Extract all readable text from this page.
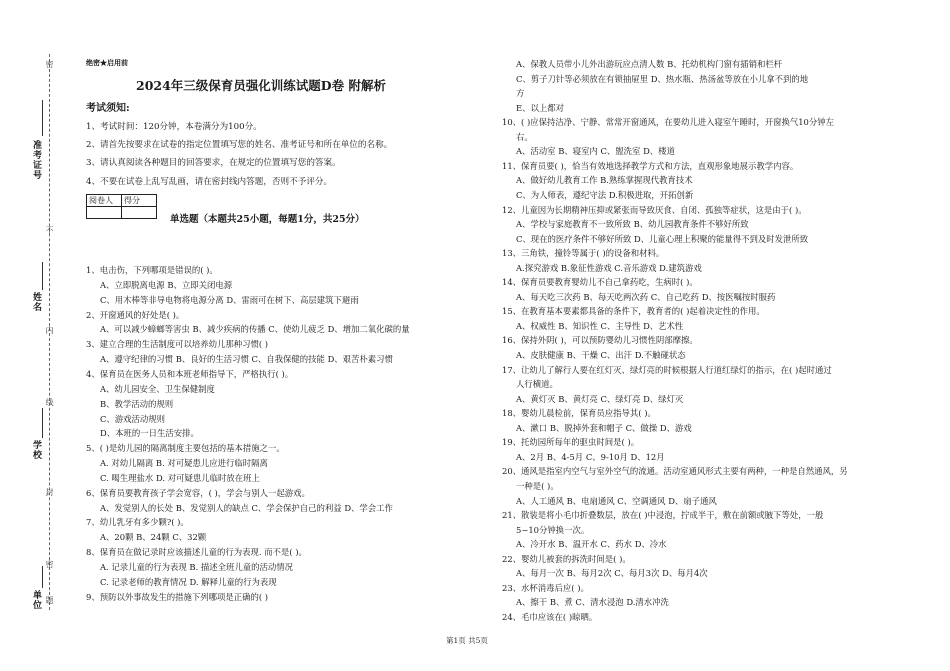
密
不
内
线
封
密
题
准考证号
姓名
学校
单位
绝密★启用前
2024年三级保育员强化训练试题D卷 附解析
考试须知:
1、考试时间：120分钟，本卷满分为100分。
2、请首先按要求在试卷的指定位置填写您的姓名、准考证号和所在单位的名称。
3、请认真阅读各种题目的回答要求，在规定的位置填写您的答案。
4、不要在试卷上乱写乱画，请在密封线内答题，否则不予评分。
阅卷人	得分

单选题（本题共25小题，每题1分，共25分）
1、电击伤，下列哪项是错误的( )。
A、立即脱离电源 B、立即关闭电源
C、用木棒等非导电物将电源分离 D、雷雨可在树下、高层建筑下避雨
2、开窗通风的好处是( )。
A、可以减少蟑螂等害虫 B、减少疾病的传播 C、使幼儿疲乏 D、增加二氧化碳的量
3、建立合理的生活制度可以培养幼儿那种习惯( )
A、遵守纪律的习惯 B、良好的生活习惯 C、自我保健的技能 D、艰苦朴素习惯
4、保育员在医务人员和本班老师指导下，严格执行( )。
A、幼儿园安全、卫生保健制度
B、教学活动的规则
C、游戏活动规则
D、本班的一日生活安排。
5、( )是幼儿园的隔离制度主要包括的基本措施之一。
A. 对幼儿隔离 B. 对可疑患儿应进行临时隔离
C. 喝生理盐水 D. 对可疑患儿临时放在班上
6、保育员要教育孩子学会宽容，( )，学会与别人一起游戏。
A、发觉别人的长处 B、发觉别人的缺点 C、学会保护自己的利益 D、学会工作
7、幼儿乳牙有多少颗?( )。
A、20颗 B、24颗 C、32颗
8、保育员在做记录时应该描述儿童的行为表现. 而不是( )。
A. 记录儿童的行为表现 B. 描述全班儿童的活动情况
C. 记录老师的教育情况 D. 解释儿童的行为表现
9、预防以外事故发生的措施下列哪项是正确的( )
A、保教人员带小儿外出游玩应点清人数 B、托幼机构门窗有插销和栏杆
C、剪子刀针等必须放在有锁抽屉里 D、热水瓶、热汤盆等放在小儿拿不到的地
方
E、以上都对
10、( )应保持洁净、宁静、常常开窗通风，在要幼儿进入寝室午睡时，开窗换气10分钟左
右。
A、活动室 B、寝室内 C、盥洗室 D、楼道
11、保育员要( )，恰当有效地选择教学方式和方法，直观形象地展示教学内容。
A、做好幼儿教育工作 B.熟练掌握现代教育技术
C、为人师表，遵纪守法 D.积极进取，开拓创新
12、儿童因为长期精神压抑或紧张而导致厌食、自闭、孤独等症状，这是由于( )。
A、学校与家庭教育不一致所致 B、幼儿园教育条件不够好所致
C、现在的医疗条件不够好所致 D、儿童心理上积聚的能量得不到及时发泄所致
13、三角铁，撞铃等属于( )的设备和材料。
A.探究游戏 B.象征性游戏 C.音乐游戏 D.建筑游戏
14、保育员要教育婴幼儿不自己拿药吃，生病时( )。
A、每天吃三次药 B、每天吃两次药 C、自己吃药 D、按医嘱按时服药
15、在教育基本要素都具备的条件下，教育者的( )起着决定性的作用。
A、权威性 B、知识性 C、主导性 D、艺术性
16、保持外阴( )，可以预防婴幼儿习惯性阴部摩擦。
A、皮肤健康 B、干燥 C、出汗 D.不触碰状态
17、让幼儿了解行人要在红灯灭、绿灯亮的时候根据人行道红绿灯的指示，在( )起时通过
人行横道。
A、黄灯灭 B、黄灯亮 C、绿灯亮 D、绿灯灭
18、婴幼儿晨检前，保育员应指导其( )。
A、漱口 B、脱掉外套和帽子 C、做操 D、游戏
19、托幼园所每年的驱虫时间是( )。
A、2月 B、4-5月 C、9-10月 D、12月
20、通风是指室内空气与室外空气的流通。活动室通风形式主要有两种，一种是自然通风，另
一种是( )。
A、人工通风 B、电扇通风 C、空调通风 D、扇子通风
21、散装是将小毛巾折叠数层，放在( )中浸泡，拧成半干，敷在前额或腋下等处，一般
5~10分钟换一次。
A、冷开水 B、温开水 C、药水 D、冷水
22、婴幼儿被套的拆洗时间是( )。
A、每月一次 B、每月2次 C、每月3次 D、每月4次
23、水杯消毒后应( )。
A、擦干 B、煮 C、清水浸泡 D.清水冲洗
24、毛巾应该在( )晾晒。
第1页 共5页
